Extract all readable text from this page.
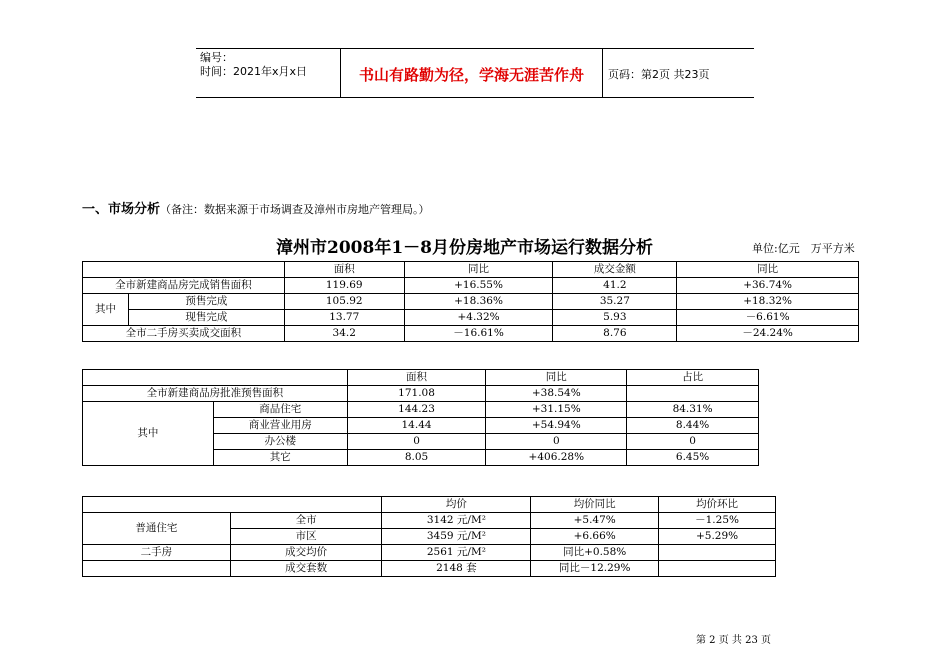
编号：
时间：2021年x月x日	书山有路勤为径，学海无涯苦作舟	页码：第2页 共23页
一、市场分析（备注：数据来源于市场调查及漳州市房地产管理局。）
漳州市2008年1－8月份房地产市场运行数据分析	单位:亿元　万平方米
		面积	同比	成交金额	同比
全市新建商品房完成销售面积		119.69	+16.55%	41.2	+36.74%
其中	预售完成	105.92	+18.36%	35.27	+18.32%
	现售完成	13.77	+4.32%	5.93	－6.61%
全市二手房买卖成交面积		34.2	－16.61%	8.76	－24.24%
		面积	同比	占比
全市新建商品房批准预售面积		171.08	+38.54%	
其中	商品住宅	144.23	+31.15%	84.31%
	商业营业用房	14.44	+54.94%	8.44%
	办公楼	0	0	0
	其它	8.05	+406.28%	6.45%
		均价	均价同比	均价环比
普通住宅	全市	3142 元/M²	+5.47%	－1.25%
	市区	3459 元/M²	+6.66%	+5.29%
二手房	成交均价	2561 元/M²	同比+0.58%	
	成交套数	2148 套	同比－12.29%	
第 2 页 共 23 页
